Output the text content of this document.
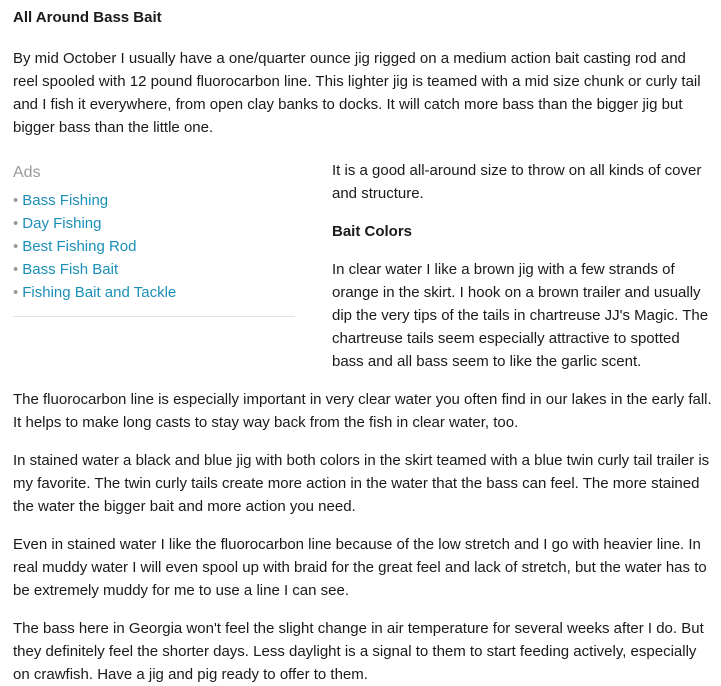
All Around Bass Bait

By mid October I usually have a one/quarter ounce jig rigged on a medium action bait casting rod and reel spooled with 12 pound fluorocarbon line. This lighter jig is teamed with a mid size chunk or curly tail and I fish it everywhere, from open clay banks to docks. It will catch more bass than the bigger jig but bigger bass than the little one.

Ads
• Bass Fishing
• Day Fishing
• Best Fishing Rod
• Bass Fish Bait
• Fishing Bait and Tackle

It is a good all-around size to throw on all kinds of cover and structure.

Bait Colors

In clear water I like a brown jig with a few strands of orange in the skirt. I hook on a brown trailer and usually dip the very tips of the tails in chartreuse JJ's Magic. The chartreuse tails seem especially attractive to spotted bass and all bass seem to like the garlic scent.

The fluorocarbon line is especially important in very clear water you often find in our lakes in the early fall. It helps to make long casts to stay way back from the fish in clear water, too.

In stained water a black and blue jig with both colors in the skirt teamed with a blue twin curly tail trailer is my favorite. The twin curly tails create more action in the water that the bass can feel. The more stained the water the bigger bait and more action you need.

Even in stained water I like the fluorocarbon line because of the low stretch and I go with heavier line. In real muddy water I will even spool up with braid for the great feel and lack of stretch, but the water has to be extremely muddy for me to use a line I can see.

The bass here in Georgia won't feel the slight change in air temperature for several weeks after I do. But they definitely feel the shorter days. Less daylight is a signal to them to start feeding actively, especially on crawfish. Have a jig and pig ready to offer to them.
